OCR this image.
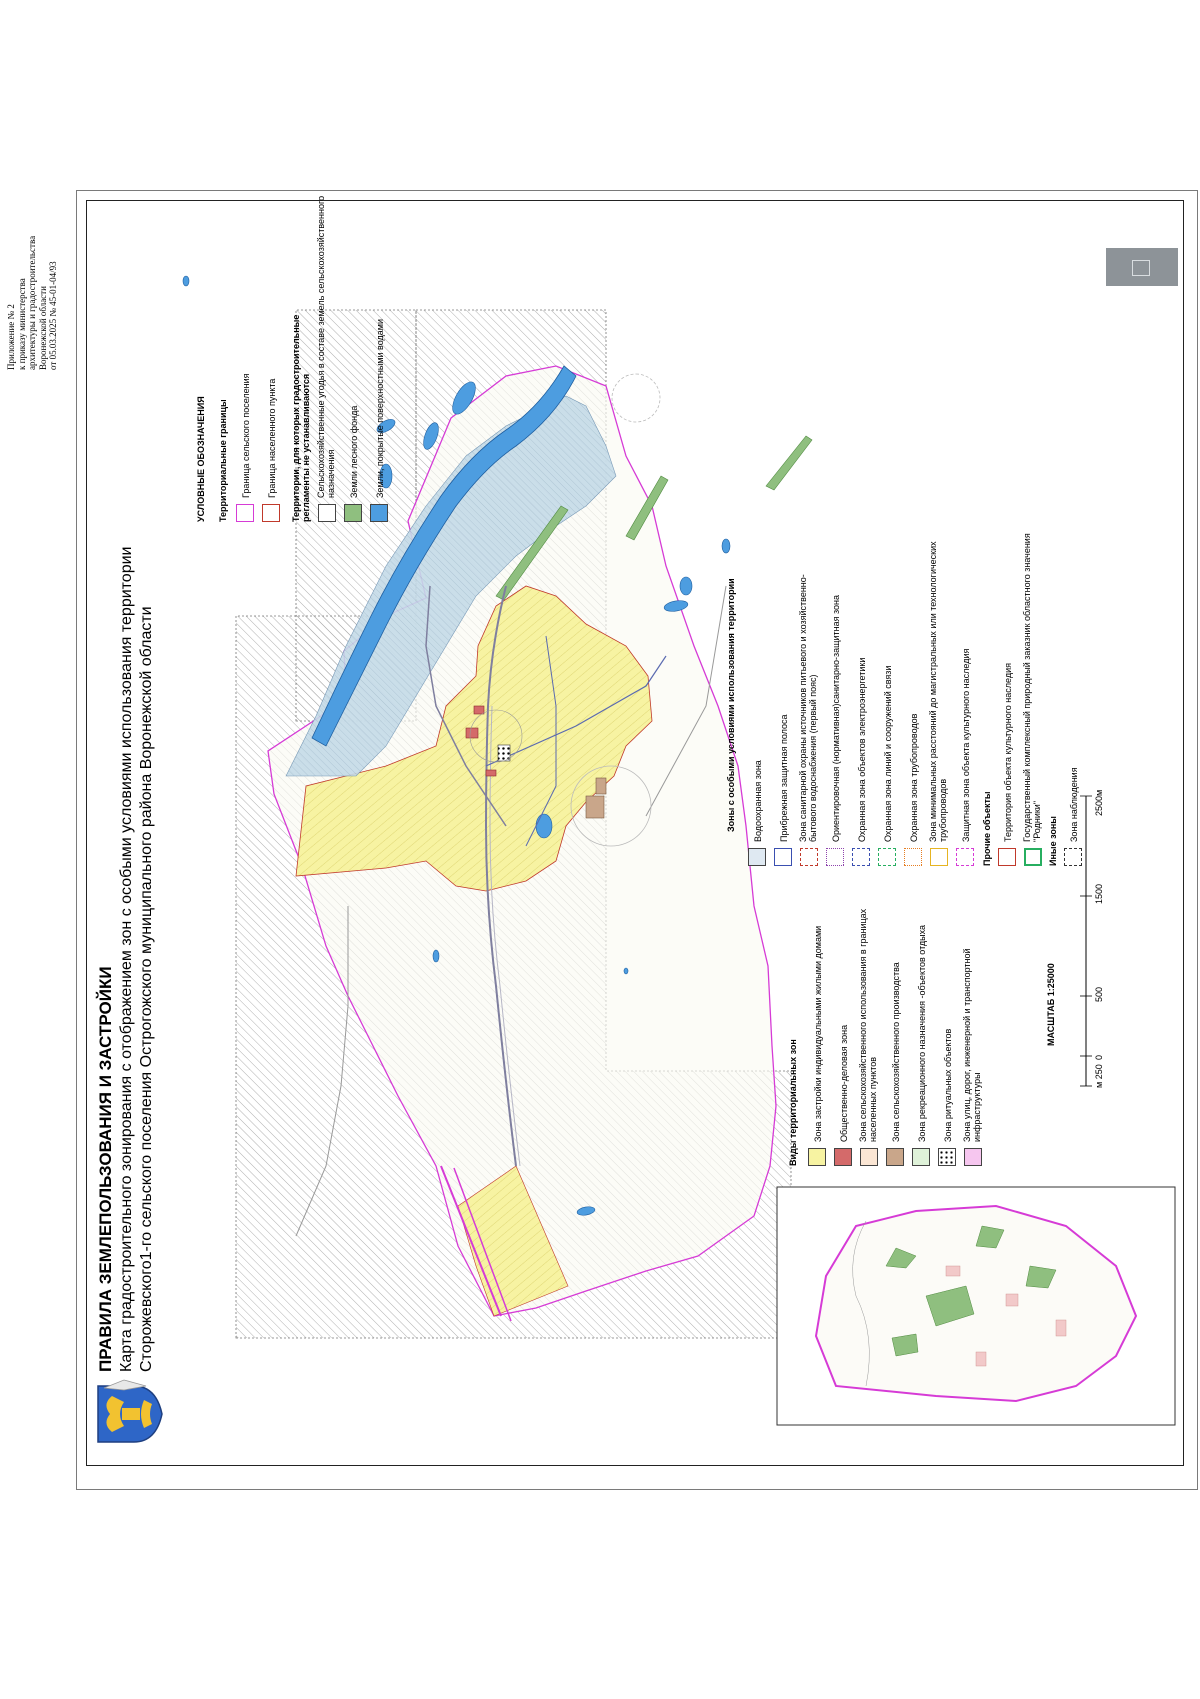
Приложение № 2 к приказу министерства архитектуры и градостроительства Воронежской области от 05.03.2025 № 45-01-04/93
ПРАВИЛА ЗЕМЛЕПОЛЬЗОВАНИЯ И ЗАСТРОЙКИ Карта градостроительного зонирования с отображением зон с особыми условиями использования территории Сторожевского1-го сельского поселения Острогожского муниципального района Воронежской области
УСЛОВНЫЕ ОБОЗНАЧЕНИЯ Территориальные границы Граница сельского поселения Граница населенного пункта Территории, для которых градостроительные регламенты не устанавливаются Сельскохозяйственные угодья в составе земель сельскохозяйственного назначения Земли лесного фонда Земли, покрытые поверхностными водами
Зоны с особыми условиями использования территории Водоохранная зона Прибрежная защитная полоса Зона санитарной охраны источников питьевого и хозяйственно-бытового водоснабжения (первый пояс) Ориентировочная (нормативная)санитарно-защитная зона Охранная зона объектов электроэнергетики Охранная зона линий и сооружений связи Охранная зона трубопроводов Зона минимальных расстояний до магистральных или технологических трубопроводов Защитная зона объекта культурного наследия Прочие объекты Территория объекта культурного наследия Государственный комплексный природный заказник областного значения "Родники" Иные зоны Зона наблюдения
Виды территориальных зон Зона застройки индивидуальными жилыми домами Общественно-деловая зона Зона сельскохозяйственного использования в границах населенных пунктов Зона сельскохозяйственного производства Зона рекреационного назначения -объектов отдыха Зона ритуальных объектов Зона улиц, дорог, инженерной и транспортной инфраструктуры
МАСШТАБ 1:25000
м 250
0
500
1500
2500м
